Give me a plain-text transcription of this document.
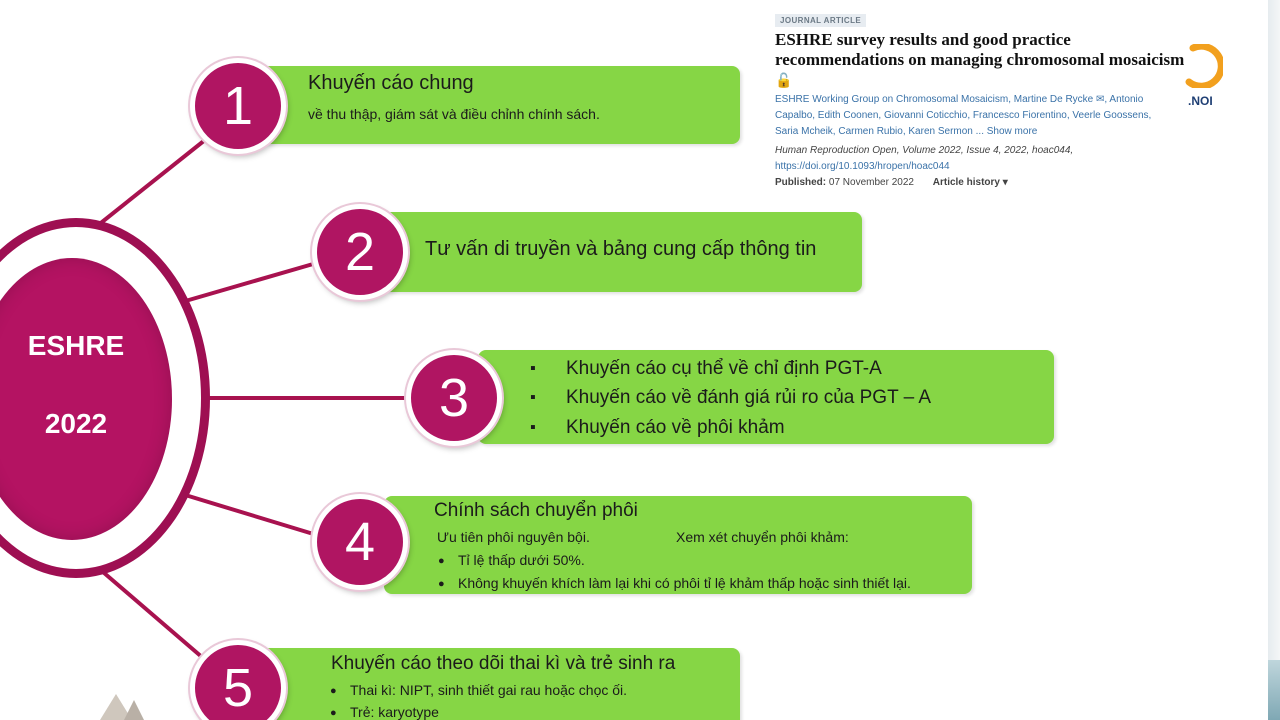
ESHRE
2022
1	Khuyến cáo chung
về thu thập, giám sát và điều chỉnh chính sách.
2	Tư vấn di truyền và bảng cung cấp thông tin
3
▪	Khuyến cáo cụ thể về chỉ định PGT-A
▪ Khuyến cáo về đánh giá rủi ro của PGT – A
▪ Khuyến cáo về phôi khảm
4
Chính sách chuyển phôi
Ưu tiên phôi nguyên bội.	Xem xét chuyển phôi khảm:
● Tỉ lệ thấp dưới 50%.
● Không khuyến khích làm lại khi có phôi tỉ lệ khảm thấp hoặc sinh thiết lại.
5	Khuyến cáo theo dõi thai kì và trẻ sinh ra
● Thai kì: NIPT, sinh thiết gai rau hoặc chọc ối.
● Trẻ: karyotype
JOURNAL ARTICLE
ESHRE survey results and good practice recommendations on managing chromosomal mosaicism 🔓
ESHRE Working Group on Chromosomal Mosaicism, Martine De Rycke ✉, Antonio Capalbo, Edith Coonen, Giovanni Coticchio, Francesco Fiorentino, Veerle Goossens, Saria Mcheik, Carmen Rubio, Karen Sermon ... Show more
Human Reproduction Open, Volume 2022, Issue 4, 2022, hoac044,
https://doi.org/10.1093/hropen/hoac044
Published: 07 November 2022 Article history ▾
.NOI
